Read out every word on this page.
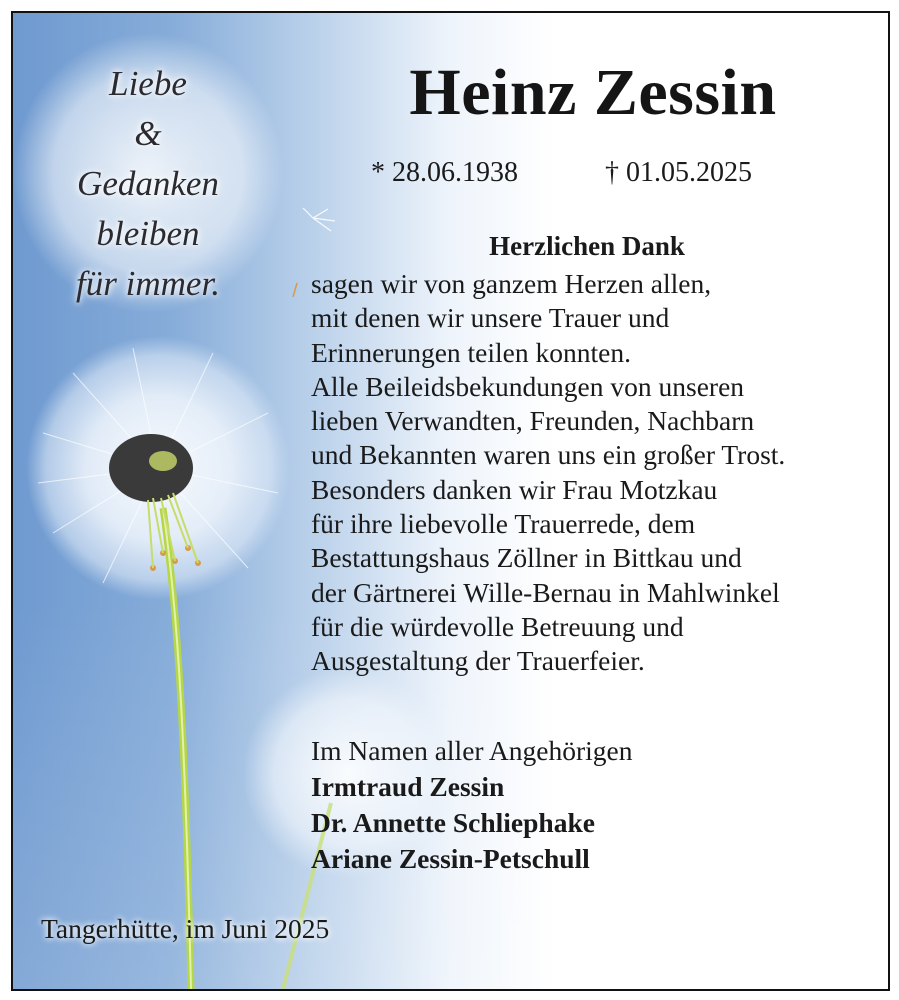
Liebe
&
Gedanken
bleiben
für immer.
Heinz Zessin
* 28.06.1938	† 01.05.2025
Herzlichen Dank
sagen wir von ganzem Herzen allen,
mit denen wir unsere Trauer und
Erinnerungen teilen konnten.
Alle Beileidsbekundungen von unseren
lieben Verwandten, Freunden, Nachbarn
und Bekannten waren uns ein großer Trost.
Besonders danken wir Frau Motzkau
für ihre liebevolle Trauerrede, dem
Bestattungshaus Zöllner in Bittkau und
der Gärtnerei Wille-Bernau in Mahlwinkel
für die würdevolle Betreuung und
Ausgestaltung der Trauerfeier.
Im Namen aller Angehörigen
Irmtraud Zessin
Dr. Annette Schliephake
Ariane Zessin-Petschull
Tangerhütte, im Juni 2025
